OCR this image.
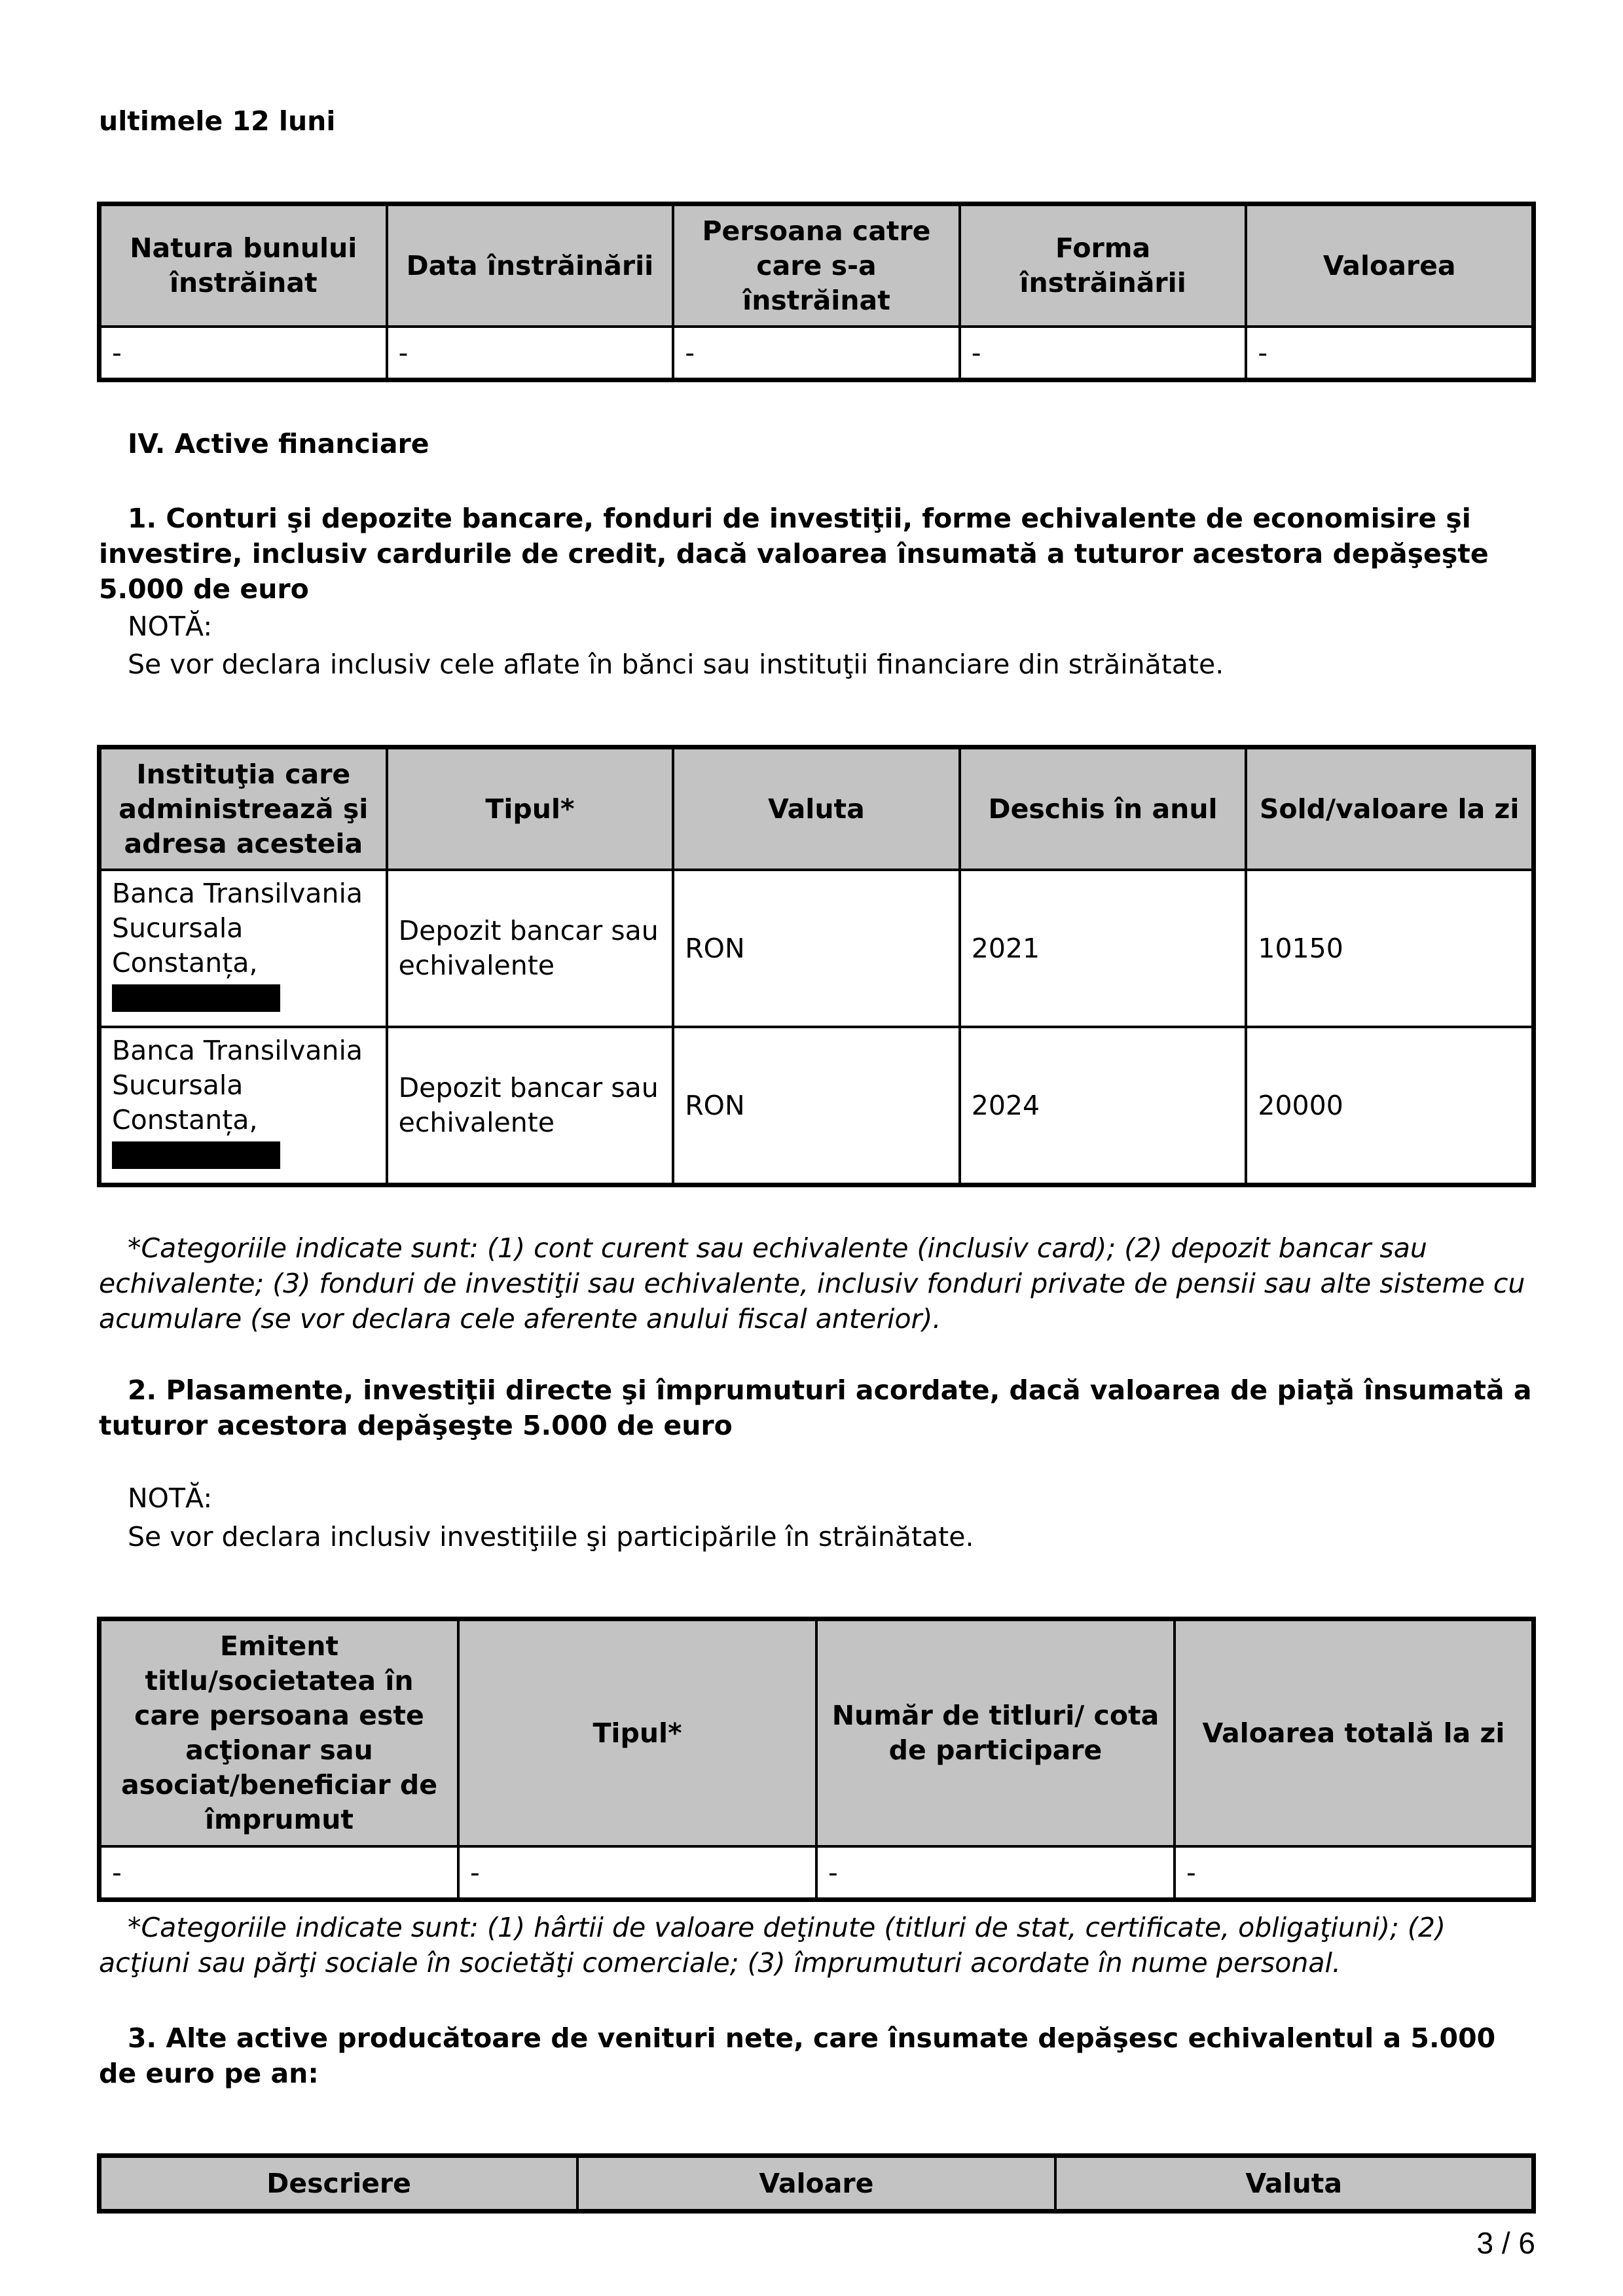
ultimele 12 luni
Natura bunului înstrăinat	Data înstrăinării	Persoana catre care s-a înstrăinat	Forma înstrăinării	Valoarea
-	-	-	-	-
IV. Active financiare
1. Conturi şi depozite bancare, fonduri de investiţii, forme echivalente de economisire şi investire, inclusiv cardurile de credit, dacă valoarea însumată a tuturor acestora depăşeşte 5.000 de euro
NOTĂ:
Se vor declara inclusiv cele aflate în bănci sau instituţii financiare din străinătate.
Instituţia care administrează şi adresa acesteia	Tipul*	Valuta	Deschis în anul	Sold/valoare la zi

Banca Transilvania Sucursala Constanța,	Depozit bancar sau echivalente	RON	2021	10150

Banca Transilvania Sucursala Constanța,	Depozit bancar sau echivalente	RON	2024	20000
*Categoriile indicate sunt: (1) cont curent sau echivalente (inclusiv card); (2) depozit bancar sau echivalente; (3) fonduri de investiţii sau echivalente, inclusiv fonduri private de pensii sau alte sisteme cu acumulare (se vor declara cele aferente anului fiscal anterior).
2. Plasamente, investiţii directe şi împrumuturi acordate, dacă valoarea de piaţă însumată a tuturor acestora depăşeşte 5.000 de euro
NOTĂ:
Se vor declara inclusiv investiţiile şi participările în străinătate.
Emitent titlu/societatea în care persoana este acţionar sau asociat/beneficiar de împrumut	Tipul*	Număr de titluri/ cota de participare	Valoarea totală la zi
-	-	-	-
*Categoriile indicate sunt: (1) hârtii de valoare deţinute (titluri de stat, certificate, obligaţiuni); (2) acţiuni sau părţi sociale în societăţi comerciale; (3) împrumuturi acordate în nume personal.
3. Alte active producătoare de venituri nete, care însumate depăşesc echivalentul a 5.000 de euro pe an:
Descriere	Valoare	Valuta
3 / 6
